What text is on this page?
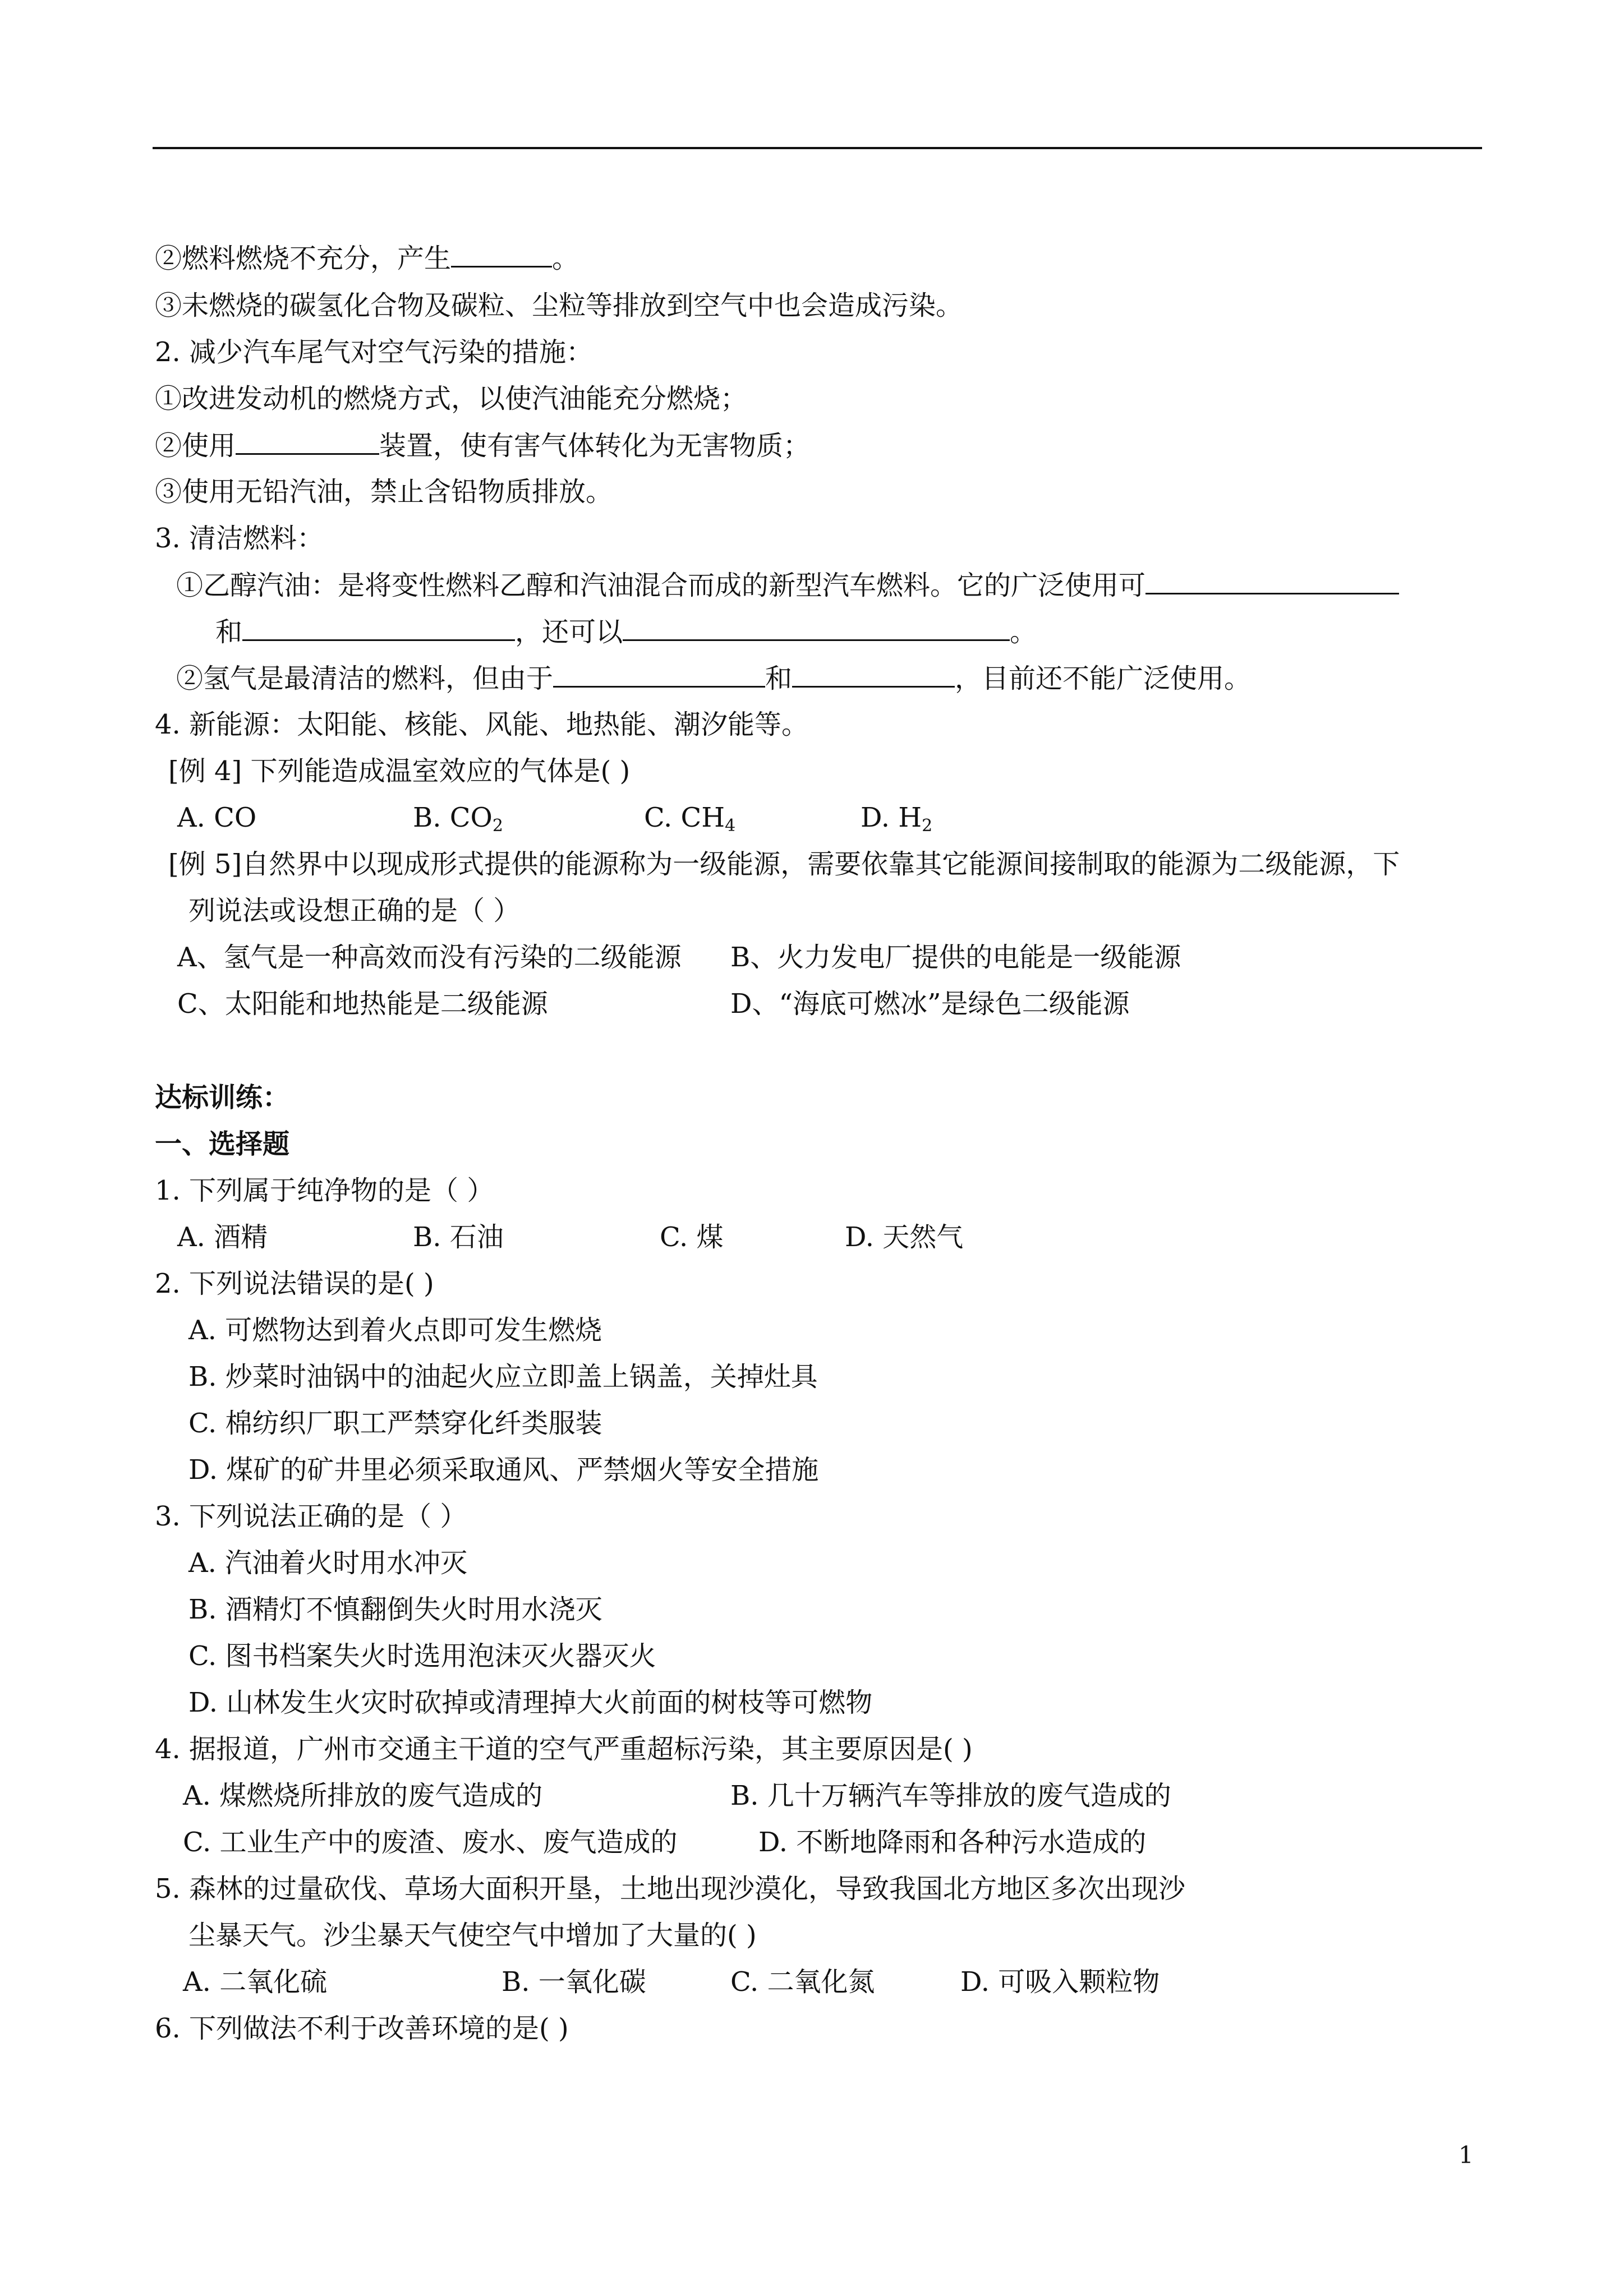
②燃料燃烧不充分，产生	。
③未燃烧的碳氢化合物及碳粒、尘粒等排放到空气中也会造成污染。
2. 减少汽车尾气对空气污染的措施：
①改进发动机的燃烧方式，以使汽油能充分燃烧；
②使用	装置，使有害气体转化为无害物质；
③使用无铅汽油，禁止含铅物质排放。
3. 清洁燃料：
①乙醇汽油：是将变性燃料乙醇和汽油混合而成的新型汽车燃料。它的广泛使用可
和	，还可以	。
②氢气是最清洁的燃料，但由于	和	，目前还不能广泛使用。
4. 新能源：太阳能、核能、风能、地热能、潮汐能等。
[例 4] 下列能造成温室效应的气体是( )
A. CO	B. $CO_2$	C. $CH_4$	D. $H_2$
[例 5]自然界中以现成形式提供的能源称为一级能源，需要依靠其它能源间接制取的能源为二级能源，下
列说法或设想正确的是（ ）
A、氢气是一种高效而没有污染的二级能源 B、火力发电厂提供的电能是一级能源
C、太阳能和地热能是二级能源	D、“海底可燃冰”是绿色二级能源
达标训练：
一、选择题
1. 下列属于纯净物的是（ ）
A. 酒精	B. 石油	C. 煤	D. 天然气
2. 下列说法错误的是( )
A. 可燃物达到着火点即可发生燃烧
B. 炒菜时油锅中的油起火应立即盖上锅盖，关掉灶具
C. 棉纺织厂职工严禁穿化纤类服装
D. 煤矿的矿井里必须采取通风、严禁烟火等安全措施
3. 下列说法正确的是（ ）
A. 汽油着火时用水冲灭
B. 酒精灯不慎翻倒失火时用水浇灭
C. 图书档案失火时选用泡沫灭火器灭火
D. 山林发生火灾时砍掉或清理掉大火前面的树枝等可燃物
4. 据报道，广州市交通主干道的空气严重超标污染，其主要原因是( )
A. 煤燃烧所排放的废气造成的	B. 几十万辆汽车等排放的废气造成的
C. 工业生产中的废渣、废水、废气造成的	D. 不断地降雨和各种污水造成的
5. 森林的过量砍伐、草场大面积开垦，土地出现沙漠化，导致我国北方地区多次出现沙
尘暴天气。沙尘暴天气使空气中增加了大量的( )
A. 二氧化硫	B. 一氧化碳	C. 二氧化氮	D. 可吸入颗粒物
6. 下列做法不利于改善环境的是( )
1
